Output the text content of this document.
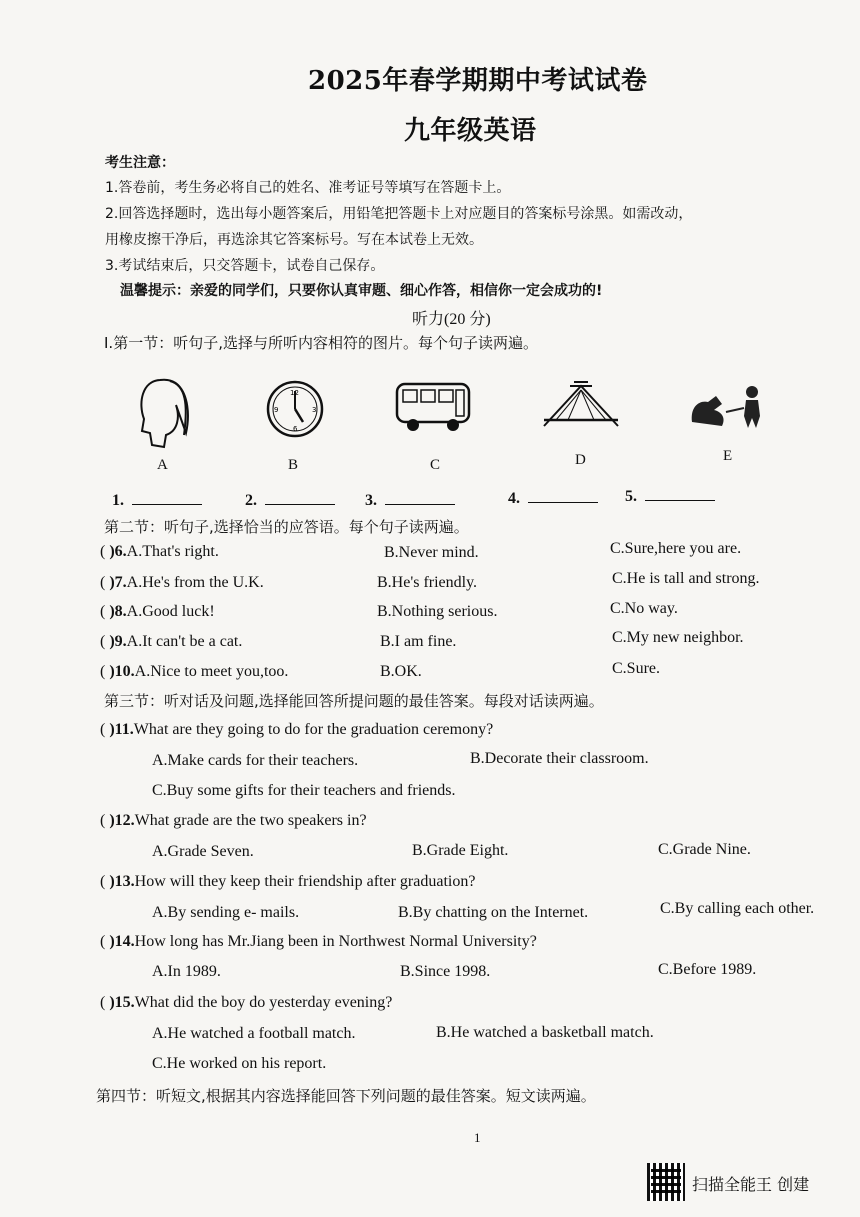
2025年春学期期中考试试卷
九年级英语
考生注意：
1.答卷前，考生务必将自己的姓名、准考证号等填写在答题卡上。
2.回答选择题时，选出每小题答案后，用铅笔把答题卡上对应题目的答案标号涂黑。如需改动，
用橡皮擦干净后，再选涂其它答案标号。写在本试卷上无效。
3.考试结束后，只交答题卡，试卷自己保存。
温馨提示：亲爱的同学们，只要你认真审题、细心作答，相信你一定会成功的!
听力(20 分)
I.第一节：听句子,选择与所听内容相符的图片。每个句子读两遍。
12
3
6
9
A	B	C	D	E
1.	2.	3.	4.	5.
第二节：听句子,选择恰当的应答语。每个句子读两遍。
( )6.A.That's right.	B.Never mind.	C.Sure,here you are.
( )7.A.He's from the U.K.	B.He's friendly.	C.He is tall and strong.
( )8.A.Good luck!	B.Nothing serious.	C.No way.
( )9.A.It can't be a cat.	B.I am fine.	C.My new neighbor.
( )10.A.Nice to meet you,too.	B.OK.	C.Sure.
第三节：听对话及问题,选择能回答所提问题的最佳答案。每段对话读两遍。
( )11.What are they going to do for the graduation ceremony?
A.Make cards for their teachers.	B.Decorate their classroom.
C.Buy some gifts for their teachers and friends.
( )12.What grade are the two speakers in?
A.Grade Seven.	B.Grade Eight.	C.Grade Nine.
( )13.How will they keep their friendship after graduation?
A.By sending e- mails.	B.By chatting on the Internet.	C.By calling each other.
( )14.How long has Mr.Jiang been in Northwest Normal University?
A.In 1989.	B.Since 1998.	C.Before 1989.
( )15.What did the boy do yesterday evening?
A.He watched a football match.	B.He watched a basketball match.
C.He worked on his report.
第四节：听短文,根据其内容选择能回答下列问题的最佳答案。短文读两遍。
1
扫描全能王 创建
